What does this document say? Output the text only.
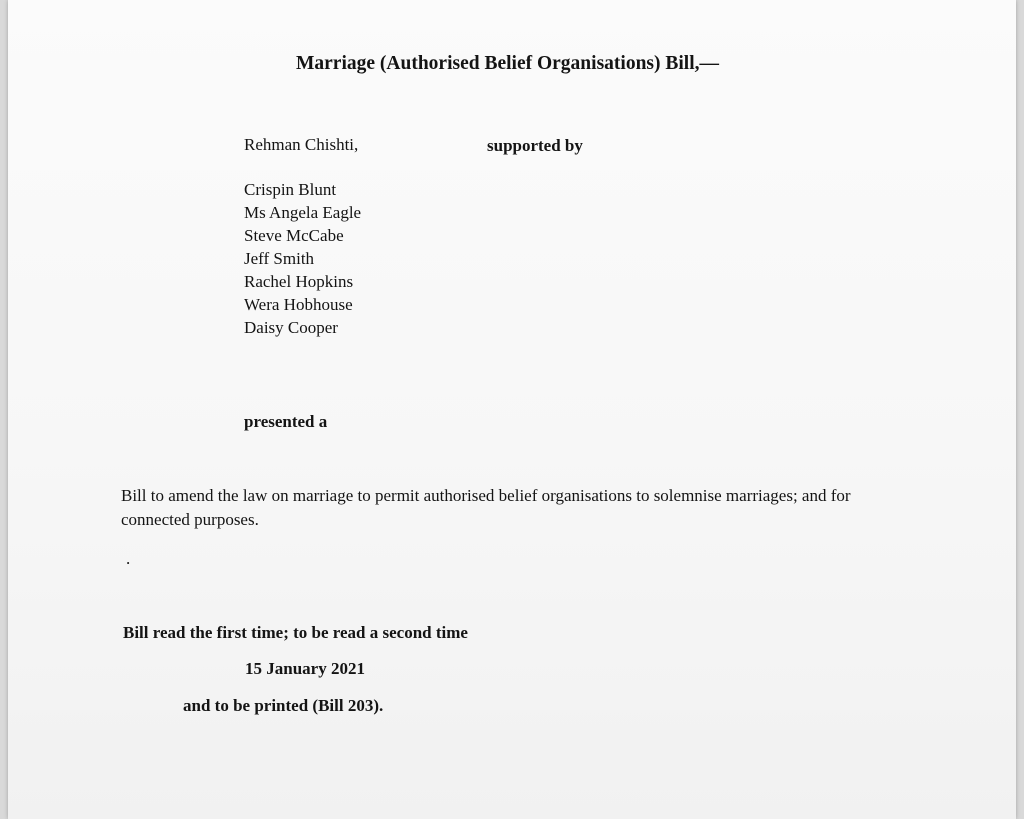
Marriage (Authorised Belief Organisations) Bill,—
Rehman Chishti,	supported by
Crispin Blunt
Ms Angela Eagle
Steve McCabe
Jeff Smith
Rachel Hopkins
Wera Hobhouse
Daisy Cooper
presented a
Bill to amend the law on marriage to permit authorised belief organisations to solemnise marriages; and for connected purposes.
.
Bill read the first time; to be read a second time
15 January 2021
and to be printed (Bill 203).
